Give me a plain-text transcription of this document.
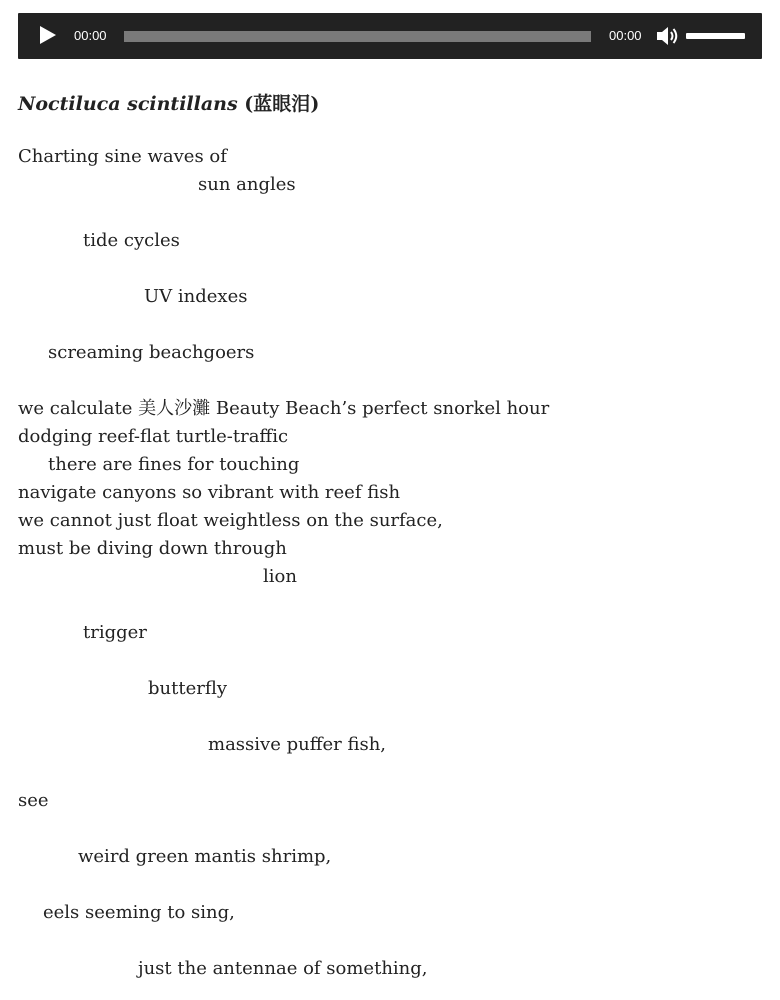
00:00	00:00
Noctiluca scintillans (蓝眼泪)
Charting sine waves of
sun angles
tide cycles
UV indexes
screaming beachgoers
we calculate 美人沙灘 Beauty Beach’s perfect snorkel hour
dodging reef-flat turtle-traffic
there are fines for touching
navigate canyons so vibrant with reef fish
we cannot just float weightless on the surface,
must be diving down through
lion
trigger
butterfly
massive puffer fish,
see
weird green mantis shrimp,
eels seeming to sing,
just the antennae of something,
